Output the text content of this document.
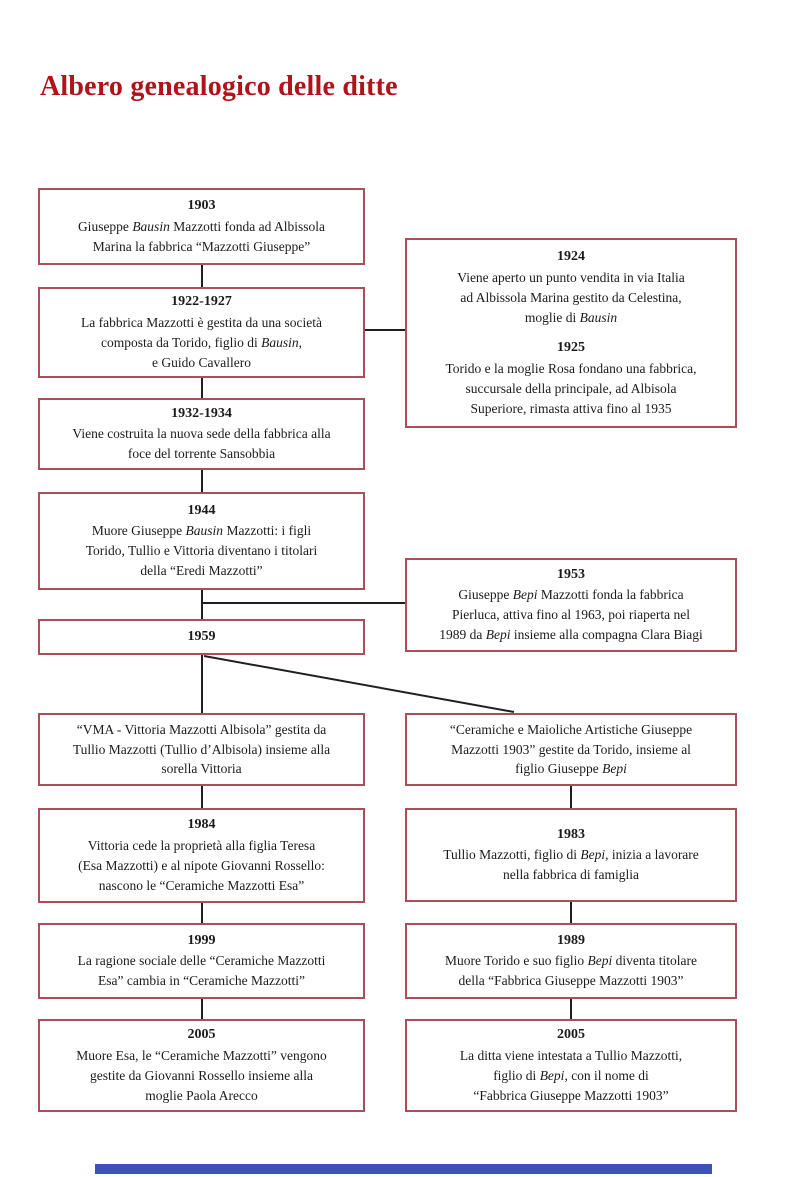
Albero genealogico delle ditte
1903
Giuseppe Bausin Mazzotti fonda ad Albissola
Marina la fabbrica “Mazzotti Giuseppe”
1922-1927
La fabbrica Mazzotti è gestita da una società
composta da Torido, figlio di Bausin,
e Guido Cavallero
1932-1934
Viene costruita la nuova sede della fabbrica alla
foce del torrente Sansobbia
1944
Muore Giuseppe Bausin Mazzotti: i figli
Torido, Tullio e Vittoria diventano i titolari
della “Eredi Mazzotti”
1959
“VMA - Vittoria Mazzotti Albisola” gestita da
Tullio Mazzotti (Tullio d’Albisola) insieme alla
sorella Vittoria
1984
Vittoria cede la proprietà alla figlia Teresa
(Esa Mazzotti) e al nipote Giovanni Rossello:
nascono le “Ceramiche Mazzotti Esa”
1999
La ragione sociale delle “Ceramiche Mazzotti
Esa” cambia in “Ceramiche Mazzotti”
2005
Muore Esa, le “Ceramiche Mazzotti” vengono
gestite da Giovanni Rossello insieme alla
moglie Paola Arecco
1924
Viene aperto un punto vendita in via Italia
ad Albissola Marina gestito da Celestina,
moglie di Bausin
1925
Torido e la moglie Rosa fondano una fabbrica,
succursale della principale, ad Albisola
Superiore, rimasta attiva fino al 1935
1953
Giuseppe Bepi Mazzotti fonda la fabbrica
Pierluca, attiva fino al 1963, poi riaperta nel
1989 da Bepi insieme alla compagna Clara Biagi
“Ceramiche e Maioliche Artistiche Giuseppe
Mazzotti 1903” gestite da Torido, insieme al
figlio Giuseppe Bepi
1983
Tullio Mazzotti, figlio di Bepi, inizia a lavorare
nella fabbrica di famiglia
1989
Muore Torido e suo figlio Bepi diventa titolare
della “Fabbrica Giuseppe Mazzotti 1903”
2005
La ditta viene intestata a Tullio Mazzotti,
figlio di Bepi, con il nome di
“Fabbrica Giuseppe Mazzotti 1903”
